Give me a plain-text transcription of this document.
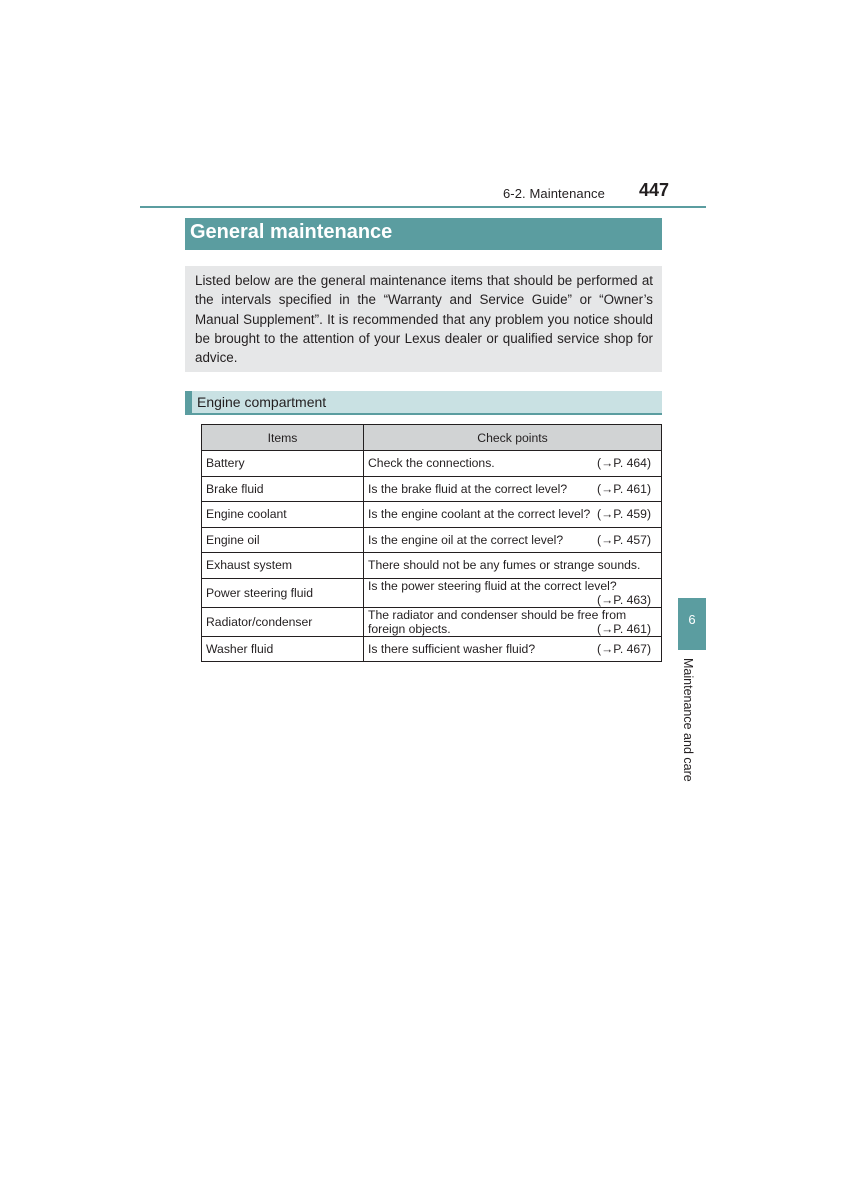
6-2. Maintenance 447
General maintenance

Listed below are the general maintenance items that should be performed at the intervals specified in the “Warranty and Service Guide” or “Owner’s Manual Supplement”. It is recommended that any problem you notice should be brought to the attention of your Lexus dealer or qualified service shop for advice.

Engine compartment
Items	Check points
Battery	Check the connections. (→P. 464)

Brake fluid	Is the brake fluid at the correct level? (→P. 461)

Engine coolant	Is the engine coolant at the correct level? (→P. 459)

Engine oil	Is the engine oil at the correct level? (→P. 457)

Exhaust system	There should not be any fumes or strange sounds.
Power steering fluid	Is the power steering fluid at the correct level?
(→P. 463)

Radiator/condenser	The radiator and condenser should be free from
foreign objects. (→P. 461)

Washer fluid	Is there sufficient washer fluid? (→P. 467)
6
Maintenance and care
